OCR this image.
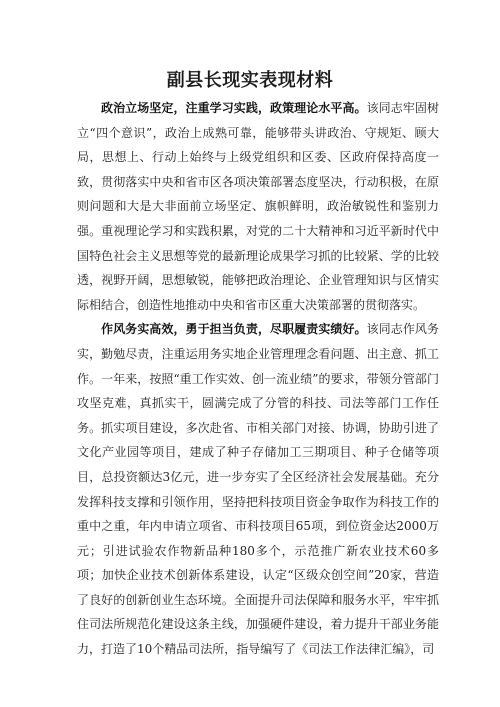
副县长现实表现材料

政治立场坚定，注重学习实践，政策理论水平高。该同志牢固树立“四个意识”，政治上成熟可靠，能够带头讲政治、守规矩、顾大局，思想上、行动上始终与上级党组织和区委、区政府保持高度一致，贯彻落实中央和省市区各项决策部署态度坚决，行动积极，在原则问题和大是大非面前立场坚定、旗帜鲜明，政治敏锐性和鉴别力强。重视理论学习和实践积累，对党的二十大精神和习近平新时代中国特色社会主义思想等党的最新理论成果学习抓的比较紧、学的比较透，视野开阔，思想敏锐，能够把政治理论、企业管理知识与区情实际相结合，创造性地推动中央和省市区重大决策部署的贯彻落实。

作风务实高效，勇于担当负责，尽职履责实绩好。该同志作风务实，勤勉尽责，注重运用务实地企业管理理念看问题、出主意、抓工作。一年来，按照“重工作实效、创一流业绩”的要求，带领分管部门攻坚克难，真抓实干，圆满完成了分管的科技、司法等部门工作任务。抓实项目建设，多次赴省、市相关部门对接、协调，协助引进了文化产业园等项目，建成了种子存储加工三期项目、种子仓储等项目，总投资额达3亿元，进一步夯实了全区经济社会发展基础。充分发挥科技支撑和引领作用，坚持把科技项目资金争取作为科技工作的重中之重，年内申请立项省、市科技项目65项，到位资金达2000万元；引进试验农作物新品种180多个，示范推广新农业技术60多项；加快企业技术创新体系建设，认定“区级众创空间”20家，营造了良好的创新创业生态环境。全面提升司法保障和服务水平，牢牢抓住司法所规范化建设这条主线，加强硬件建设，着力提升干部业务能力，打造了10个精品司法所，指导编写了《司法工作法律汇编》，司
